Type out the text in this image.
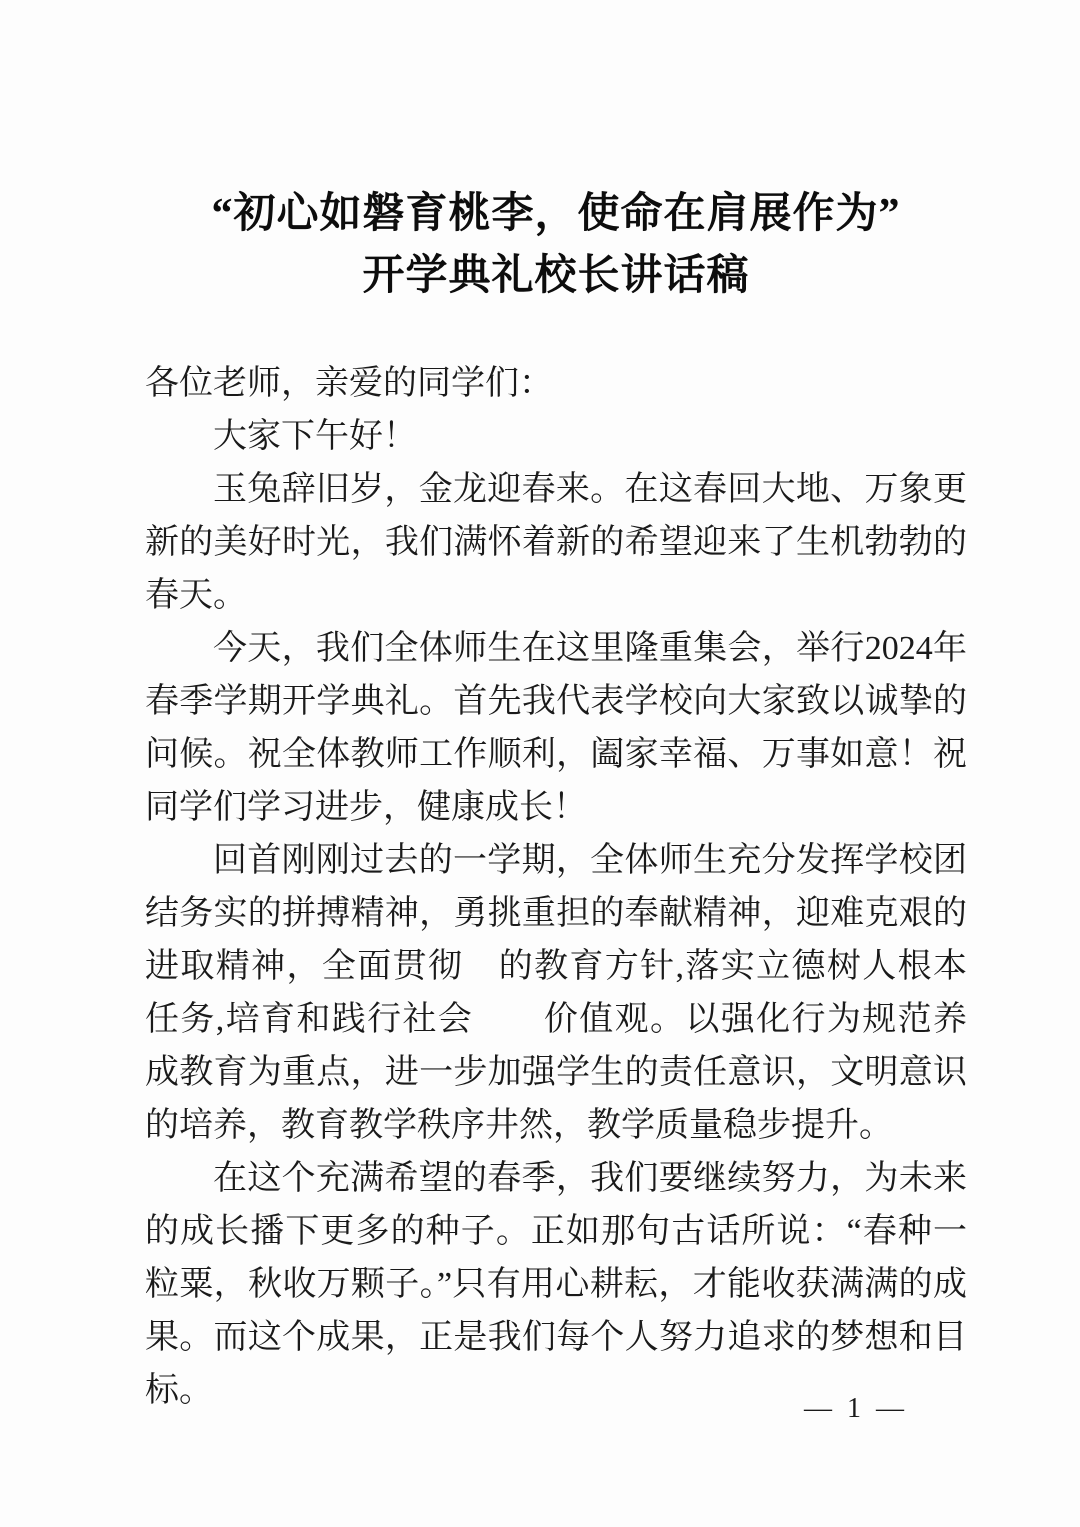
“初心如磐育桃李，使命在肩展作为”
开学典礼校长讲话稿

各位老师，亲爱的同学们：

大家下午好！

玉兔辞旧岁，金龙迎春来。在这春回大地、万象更新的美好时光，我们满怀着新的希望迎来了生机勃勃的春天。

今天，我们全体师生在这里隆重集会，举行2024年春季学期开学典礼。首先我代表学校向大家致以诚挚的问候。祝全体教师工作顺利，阖家幸福、万事如意！祝同学们学习进步，健康成长！

回首刚刚过去的一学期，全体师生充分发挥学校团结务实的拼搏精神，勇挑重担的奉献精神，迎难克艰的进取精神，全面贯彻　的教育方针,落实立德树人根本任务,培育和践行社会　　价值观。以强化行为规范养成教育为重点，进一步加强学生的责任意识，文明意识的培养，教育教学秩序井然，教学质量稳步提升。

在这个充满希望的春季，我们要继续努力，为未来的成长播下更多的种子。正如那句古话所说：“春种一粒粟，秋收万颗子。”只有用心耕耘，才能收获满满的成果。而这个成果，正是我们每个人努力追求的梦想和目标。	— 1 —
